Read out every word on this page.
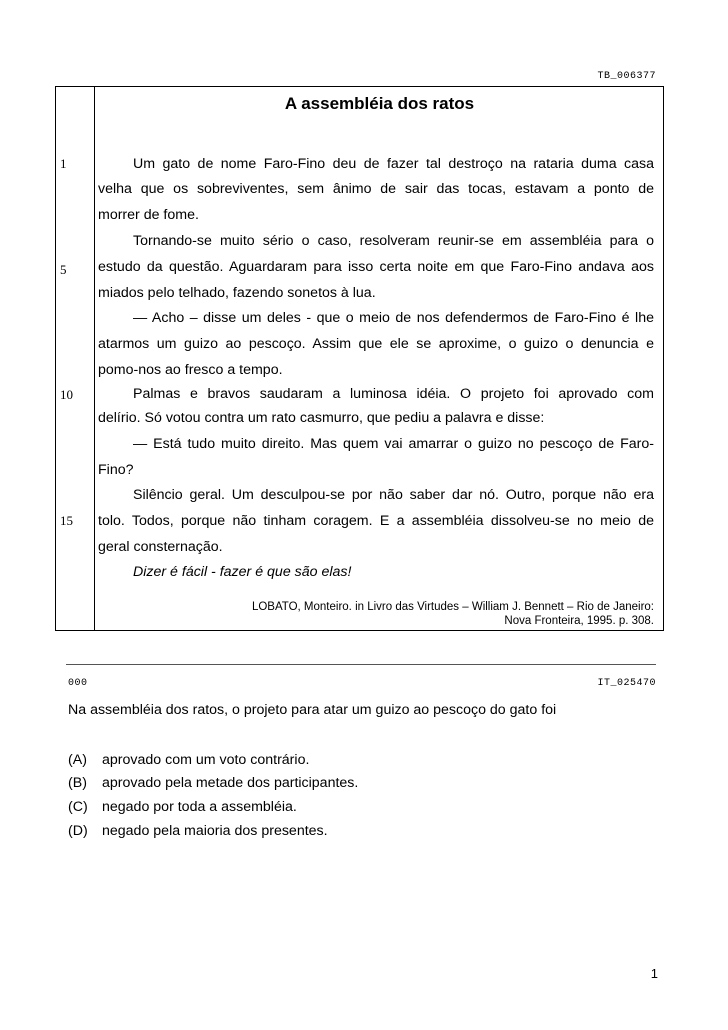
TB_006377
A assembléia dos ratos
1
5
10
15
Um gato de nome Faro-Fino deu de fazer tal destroço na rataria duma casa
velha que os sobreviventes, sem ânimo de sair das tocas, estavam a ponto de
morrer de fome.
Tornando-se muito sério o caso, resolveram reunir-se em assembléia para o
estudo da questão. Aguardaram para isso certa noite em que Faro-Fino andava aos
miados pelo telhado, fazendo sonetos à lua.
— Acho – disse um deles - que o meio de nos defendermos de Faro-Fino é lhe
atarmos um guizo ao pescoço. Assim que ele se aproxime, o guizo o denuncia e
pomo-nos ao fresco a tempo.
Palmas e bravos saudaram a luminosa idéia. O projeto foi aprovado com
delírio. Só votou contra um rato casmurro, que pediu a palavra e disse:
— Está tudo muito direito. Mas quem vai amarrar o guizo no pescoço de Faro-
Fino?
Silêncio geral. Um desculpou-se por não saber dar nó. Outro, porque não era
tolo. Todos, porque não tinham coragem. E a assembléia dissolveu-se no meio de
geral consternação.
Dizer é fácil - fazer é que são elas!
LOBATO, Monteiro. in Livro das Virtudes – William J. Bennett – Rio de Janeiro:
Nova Fronteira, 1995. p. 308.
000	IT_025470
Na assembléia dos ratos, o projeto para atar um guizo ao pescoço do gato foi
(A) aprovado com um voto contrário.
(B) aprovado pela metade dos participantes.
(C) negado por toda a assembléia.
(D) negado pela maioria dos presentes.
1
